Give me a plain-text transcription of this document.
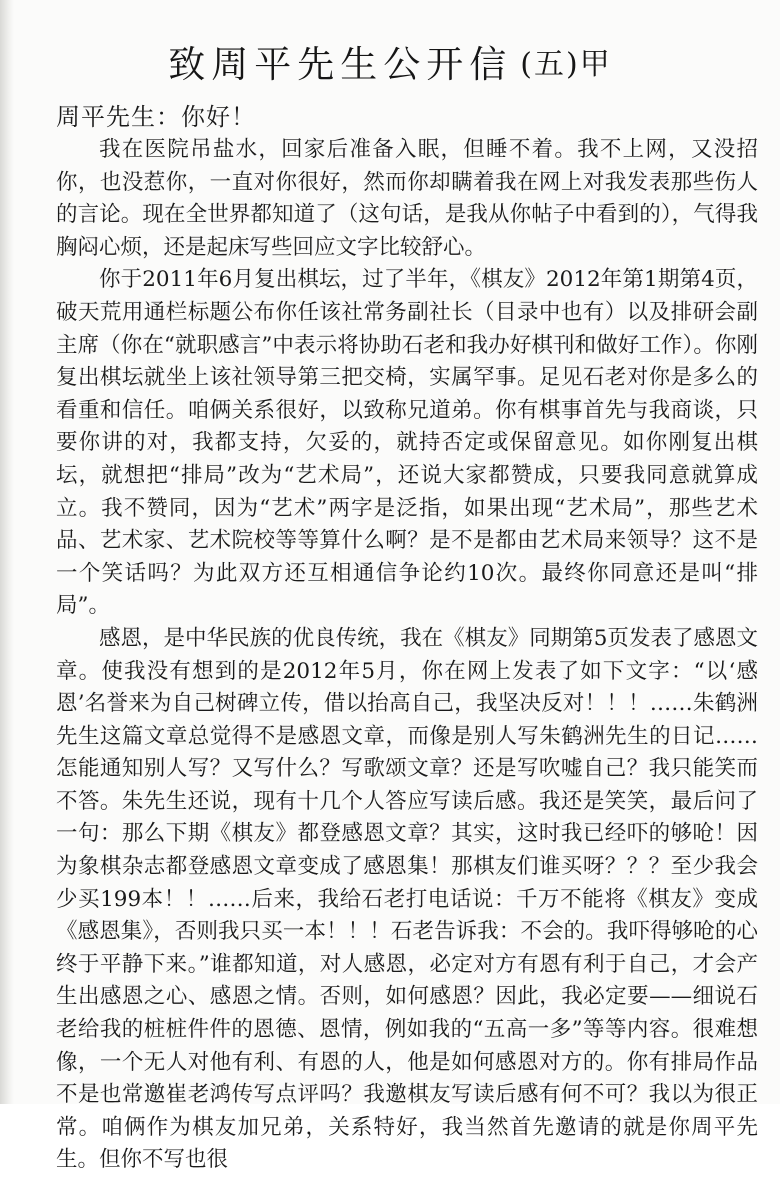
致周平先生公开信 (五)甲

周平先生：你好！

我在医院吊盐水，回家后准备入眠，但睡不着。我不上网，又没招你，也没惹你，一直对你很好，然而你却瞒着我在网上对我发表那些伤人的言论。现在全世界都知道了（这句话，是我从你帖子中看到的），气得我胸闷心烦，还是起床写些回应文字比较舒心。

你于2011年6月复出棋坛，过了半年，《棋友》2012年第1期第4页，破天荒用通栏标题公布你任该社常务副社长（目录中也有）以及排研会副主席（你在“就职感言”中表示将协助石老和我办好棋刊和做好工作）。你刚复出棋坛就坐上该社领导第三把交椅，实属罕事。足见石老对你是多么的看重和信任。咱俩关系很好，以致称兄道弟。你有棋事首先与我商谈，只要你讲的对，我都支持，欠妥的，就持否定或保留意见。如你刚复出棋坛，就想把“排局”改为“艺术局”，还说大家都赞成，只要我同意就算成立。我不赞同，因为“艺术”两字是泛指，如果出现“艺术局”，那些艺术品、艺术家、艺术院校等等算什么啊？是不是都由艺术局来领导？这不是一个笑话吗？为此双方还互相通信争论约10次。最终你同意还是叫“排局”。

感恩，是中华民族的优良传统，我在《棋友》同期第5页发表了感恩文章。使我没有想到的是2012年5月，你在网上发表了如下文字：“以‘感恩’名誉来为自己树碑立传，借以抬高自己，我坚决反对！！！……朱鹤洲先生这篇文章总觉得不是感恩文章，而像是别人写朱鹤洲先生的日记……怎能通知别人写？又写什么？写歌颂文章？还是写吹嘘自己？我只能笑而不答。朱先生还说，现有十几个人答应写读后感。我还是笑笑，最后问了一句：那么下期《棋友》都登感恩文章？其实，这时我已经吓的够呛！因为象棋杂志都登感恩文章变成了感恩集！那棋友们谁买呀？？？至少我会少买199本！！……后来，我给石老打电话说：千万不能将《棋友》变成《感恩集》，否则我只买一本！！！石老告诉我：不会的。我吓得够呛的心终于平静下来。”谁都知道，对人感恩，必定对方有恩有利于自己，才会产生出感恩之心、感恩之情。否则，如何感恩？因此，我必定要——细说石老给我的桩桩件件的恩德、恩情，例如我的“五高一多”等等内容。很难想像，一个无人对他有利、有恩的人，他是如何感恩对方的。你有排局作品不是也常邀崔老鸿传写点评吗？我邀棋友写读后感有何不可？我以为很正常。咱俩作为棋友加兄弟，关系特好，我当然首先邀请的就是你周平先生。但你不写也很
